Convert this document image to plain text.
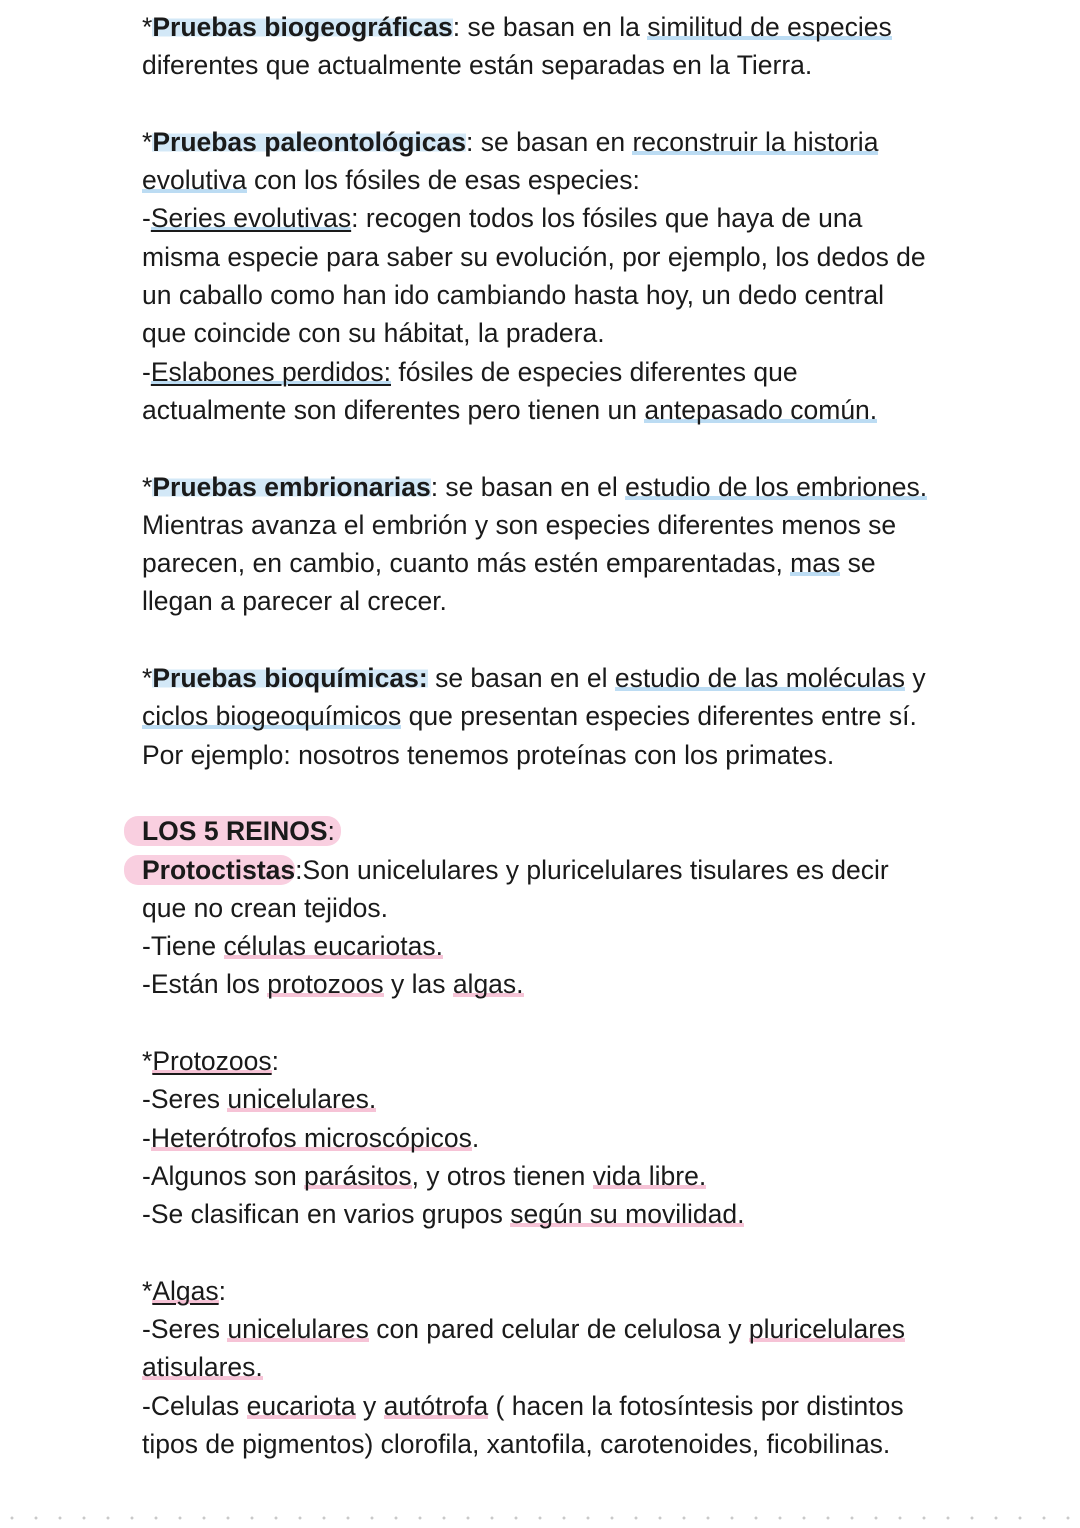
*Pruebas biogeográficas: se basan en la similitud de especies
diferentes que actualmente están separadas en la Tierra.
*Pruebas paleontológicas: se basan en reconstruir la historia
evolutiva con los fósiles de esas especies:
-Series evolutivas: recogen todos los fósiles que haya de una
misma especie para saber su evolución, por ejemplo, los dedos de
un caballo como han ido cambiando hasta hoy, un dedo central
que coincide con su hábitat, la pradera.
-Eslabones perdidos: fósiles de especies diferentes que
actualmente son diferentes pero tienen un antepasado común.
*Pruebas embrionarias: se basan en el estudio de los embriones.
Mientras avanza el embrión y son especies diferentes menos se
parecen, en cambio, cuanto más estén emparentadas, mas se
llegan a parecer al crecer.
*Pruebas bioquímicas: se basan en el estudio de las moléculas y
ciclos biogeoquímicos que presentan especies diferentes entre sí.
Por ejemplo: nosotros tenemos proteínas con los primates.
LOS 5 REINOS:
Protoctistas:Son unicelulares y pluricelulares tisulares es decir
que no crean tejidos.
-Tiene células eucariotas.
-Están los protozoos y las algas.
*Protozoos:
-Seres unicelulares.
-Heterótrofos microscópicos.
-Algunos son parásitos, y otros tienen vida libre.
-Se clasifican en varios grupos según su movilidad.
*Algas:
-Seres unicelulares con pared celular de celulosa y pluricelulares
atisulares.
-Celulas eucariota y autótrofa ( hacen la fotosíntesis por distintos
tipos de pigmentos) clorofila, xantofila, carotenoides, ficobilinas.
